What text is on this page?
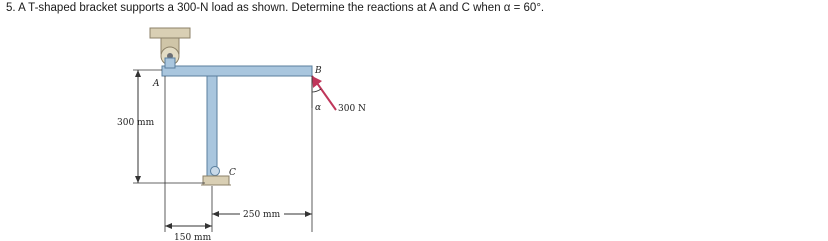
5. A T-shaped bracket supports a 300-N load as shown. Determine the reactions at A and C when α = 60°.
A
B
C
α 300 N
300 mm
150 mm
250 mm
